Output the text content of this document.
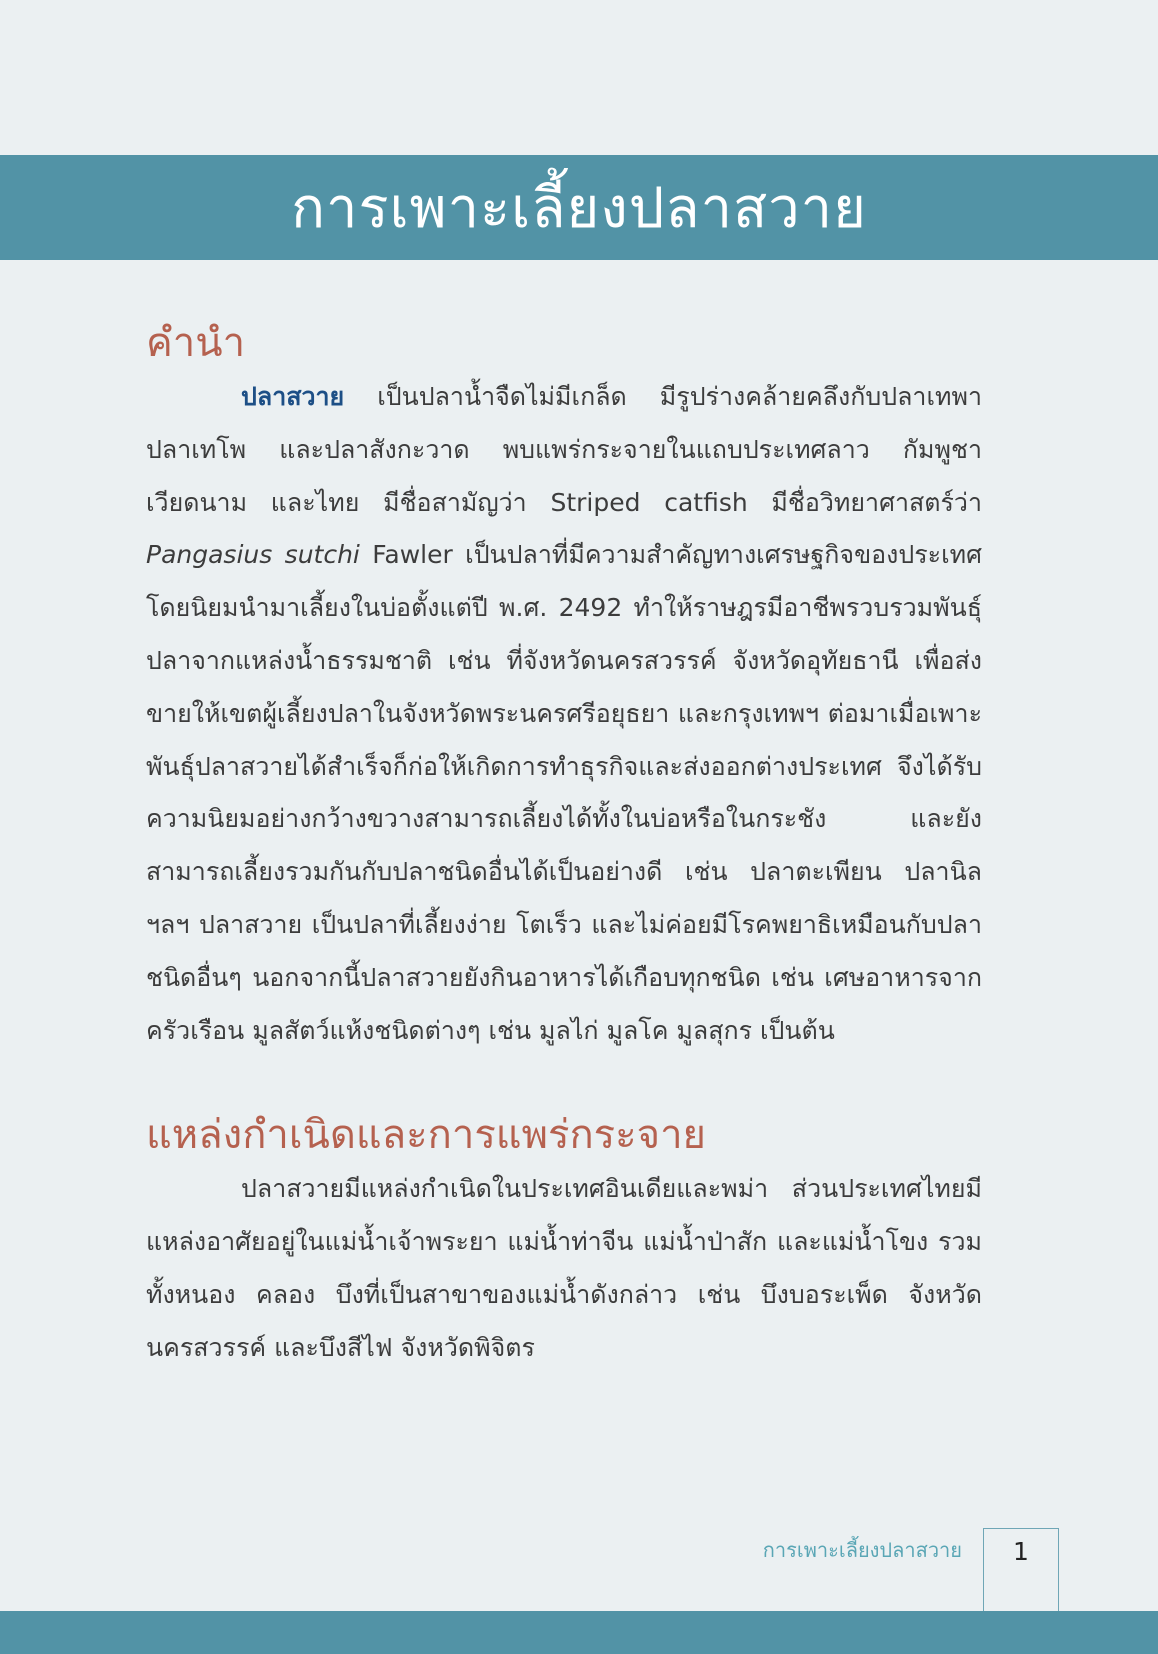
การเพาะเลี้ยงปลาสวาย
คำนำ

ปลาสวาย เป็นปลาน้ำจืดไม่มีเกล็ด มีรูปร่างคล้ายคลึงกับปลาเทพา ปลาเทโพ และปลาสังกะวาด พบแพร่กระจายในแถบประเทศลาว กัมพูชา เวียดนาม และไทย มีชื่อสามัญว่า Striped catfish มีชื่อวิทยาศาสตร์ว่า Pangasius sutchi Fawler เป็นปลาที่มีความสำคัญทางเศรษฐกิจของประเทศ โดยนิยมนำมาเลี้ยงในบ่อตั้งแต่ปี พ.ศ. 2492 ทำให้ราษฎรมีอาชีพรวบรวมพันธุ์ปลาจากแหล่งน้ำธรรมชาติ เช่น ที่จังหวัดนครสวรรค์ จังหวัดอุทัยธานี เพื่อส่งขายให้เขตผู้เลี้ยงปลาในจังหวัดพระนครศรีอยุธยา และกรุงเทพฯ ต่อมาเมื่อเพาะพันธุ์ปลาสวายได้สำเร็จก็ก่อให้เกิดการทำธุรกิจและส่งออกต่างประเทศ จึงได้รับความนิยมอย่างกว้างขวางสามารถเลี้ยงได้ทั้งในบ่อหรือในกระชัง และยังสามารถเลี้ยงรวมกันกับปลาชนิดอื่นได้เป็นอย่างดี เช่น ปลาตะเพียน ปลานิล ฯลฯ ปลาสวาย เป็นปลาที่เลี้ยงง่าย โตเร็ว และไม่ค่อยมีโรคพยาธิเหมือนกับปลาชนิดอื่นๆ นอกจากนี้ปลาสวายยังกินอาหารได้เกือบทุกชนิด เช่น เศษอาหารจากครัวเรือน มูลสัตว์แห้งชนิดต่างๆ เช่น มูลไก่ มูลโค มูลสุกร เป็นต้น

แหล่งกำเนิดและการแพร่กระจาย

ปลาสวายมีแหล่งกำเนิดในประเทศอินเดียและพม่า ส่วนประเทศไทยมีแหล่งอาศัยอยู่ในแม่น้ำเจ้าพระยา แม่น้ำท่าจีน แม่น้ำป่าสัก และแม่น้ำโขง รวมทั้งหนอง คลอง บึงที่เป็นสาขาของแม่น้ำดังกล่าว เช่น บึงบอระเพ็ด จังหวัดนครสวรรค์ และบึงสีไฟ จังหวัดพิจิตร

การเพาะเลี้ยงปลาสวาย	1
